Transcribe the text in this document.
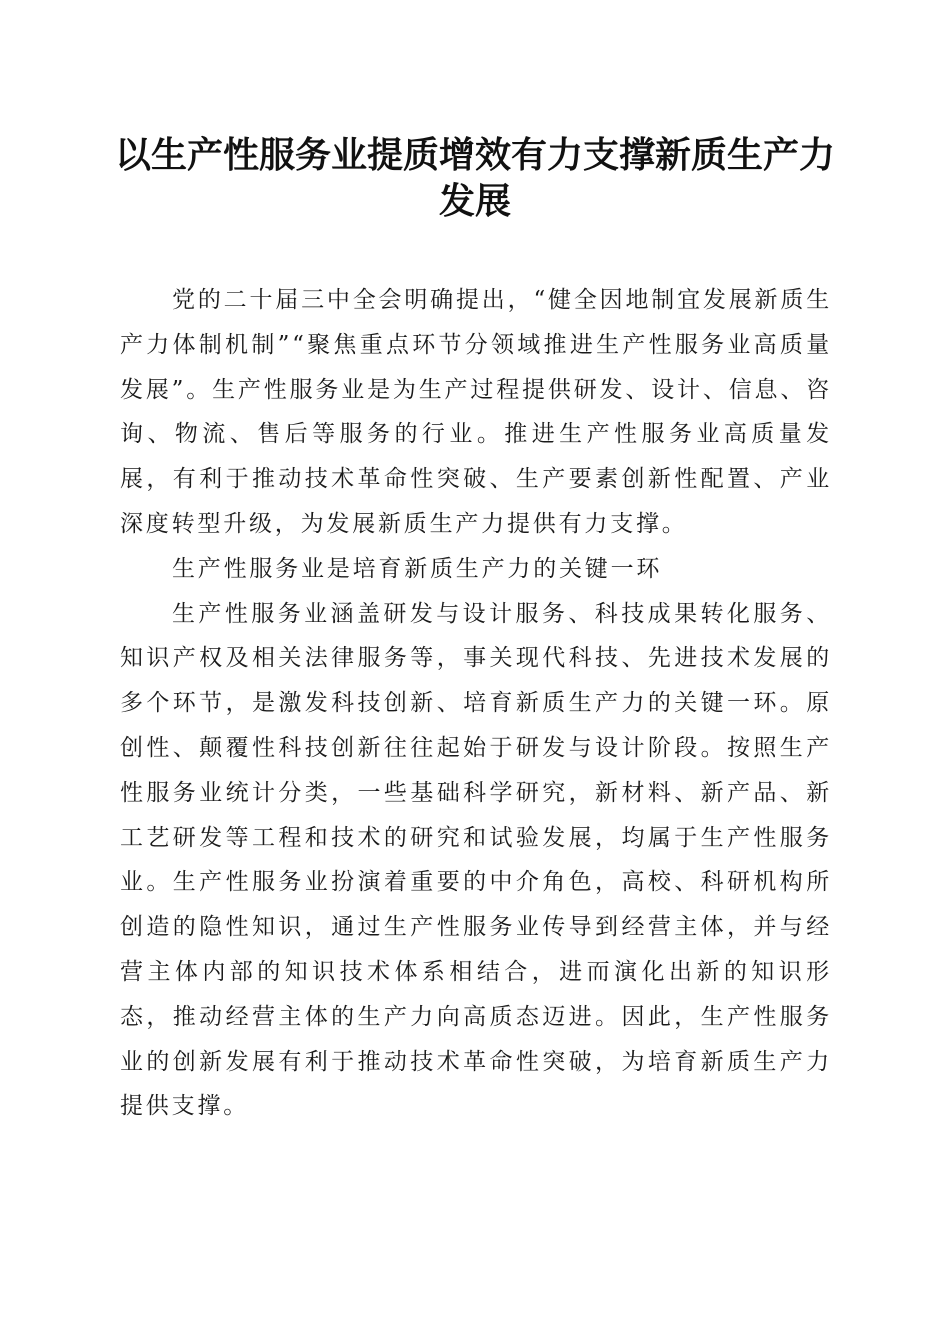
以生产性服务业提质增效有力支撑新质生产力
发展

党的二十届三中全会明确提出，“健全因地制宜发展新质生产力体制机制”“聚焦重点环节分领域推进生产性服务业高质量发展”。生产性服务业是为生产过程提供研发、设计、信息、咨询、物流、售后等服务的行业。推进生产性服务业高质量发展，有利于推动技术革命性突破、生产要素创新性配置、产业深度转型升级，为发展新质生产力提供有力支撑。

生产性服务业是培育新质生产力的关键一环

生产性服务业涵盖研发与设计服务、科技成果转化服务、知识产权及相关法律服务等，事关现代科技、先进技术发展的多个环节，是激发科技创新、培育新质生产力的关键一环。原创性、颠覆性科技创新往往起始于研发与设计阶段。按照生产性服务业统计分类，一些基础科学研究，新材料、新产品、新工艺研发等工程和技术的研究和试验发展，均属于生产性服务业。生产性服务业扮演着重要的中介角色，高校、科研机构所创造的隐性知识，通过生产性服务业传导到经营主体，并与经营主体内部的知识技术体系相结合，进而演化出新的知识形态，推动经营主体的生产力向高质态迈进。因此，生产性服务业的创新发展有利于推动技术革命性突破，为培育新质生产力提供支撑。
